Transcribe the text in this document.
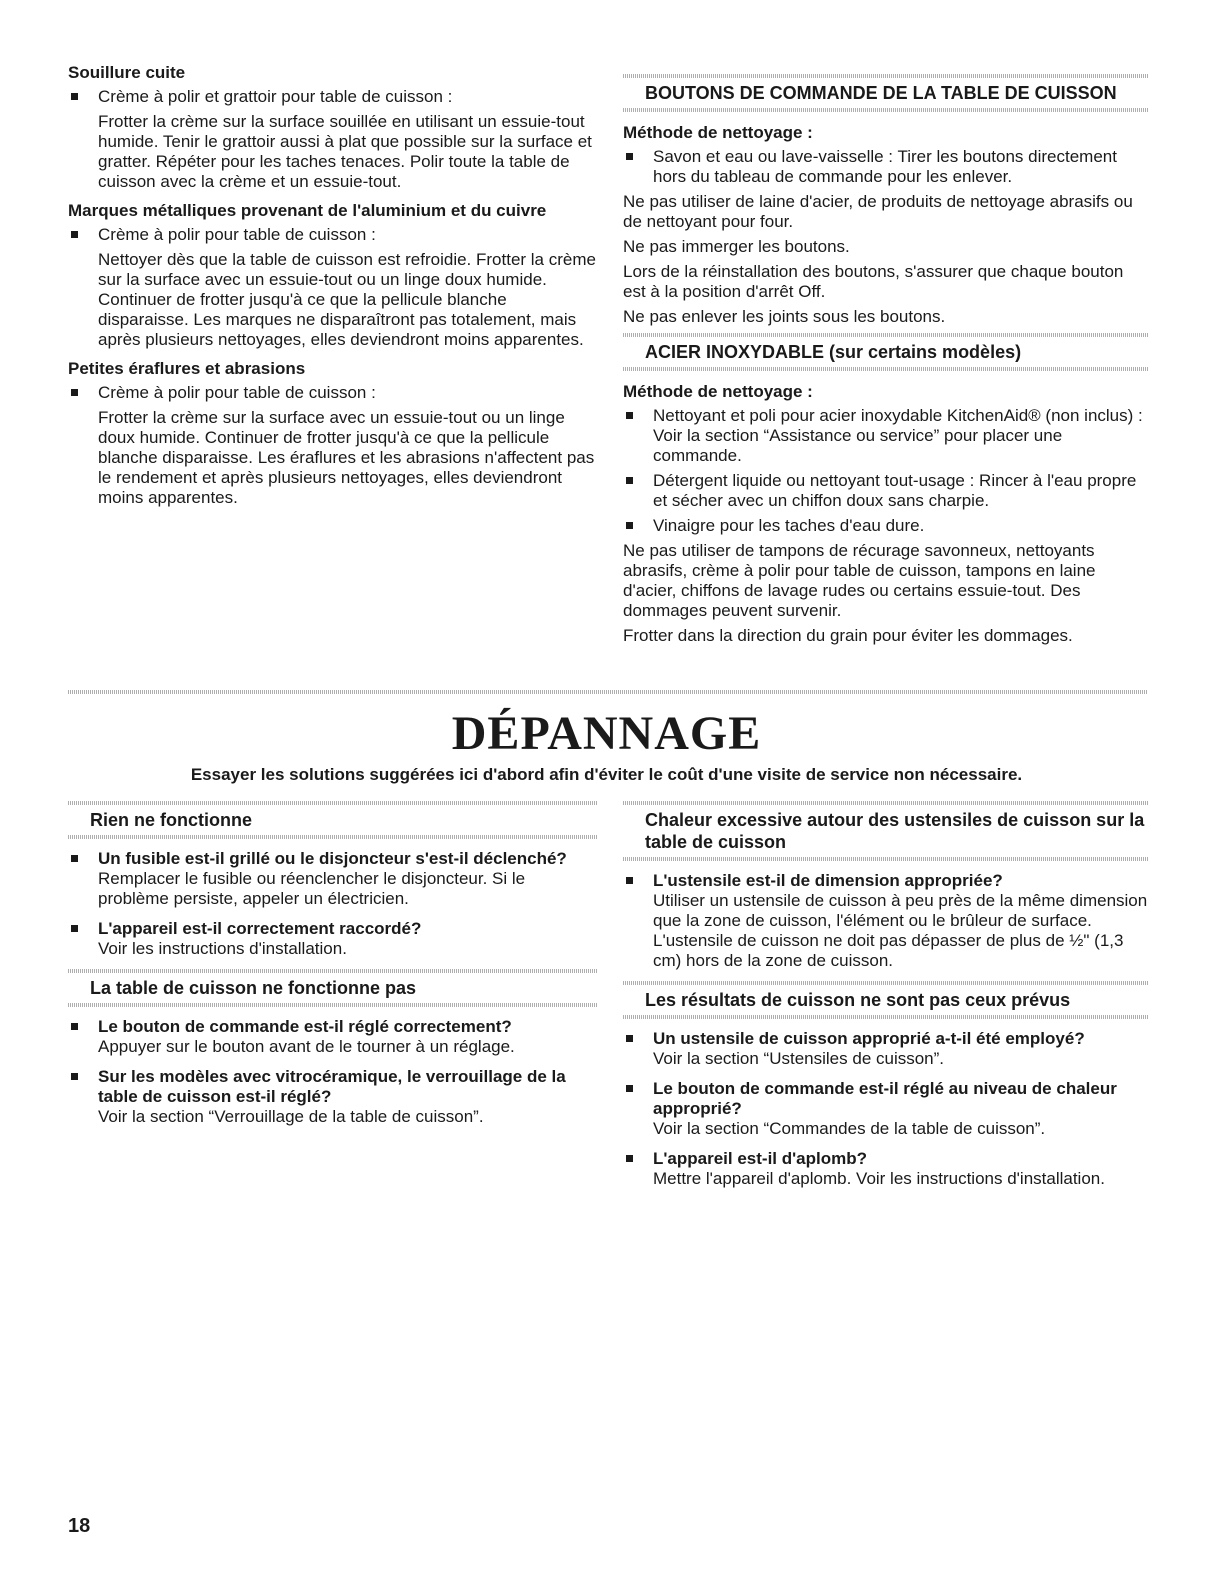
Souillure cuite
Crème à polir et grattoir pour table de cuisson :
Frotter la crème sur la surface souillée en utilisant un essuie-tout humide. Tenir le grattoir aussi à plat que possible sur la surface et gratter. Répéter pour les taches tenaces. Polir toute la table de cuisson avec la crème et un essuie-tout.
Marques métalliques provenant de l'aluminium et du cuivre
Crème à polir pour table de cuisson :
Nettoyer dès que la table de cuisson est refroidie. Frotter la crème sur la surface avec un essuie-tout ou un linge doux humide. Continuer de frotter jusqu'à ce que la pellicule blanche disparaisse. Les marques ne disparaîtront pas totalement, mais après plusieurs nettoyages, elles deviendront moins apparentes.
Petites éraflures et abrasions
Crème à polir pour table de cuisson :
Frotter la crème sur la surface avec un essuie-tout ou un linge doux humide. Continuer de frotter jusqu'à ce que la pellicule blanche disparaisse. Les éraflures et les abrasions n'affectent pas le rendement et après plusieurs nettoyages, elles deviendront moins apparentes.
BOUTONS DE COMMANDE DE LA TABLE DE CUISSON
Méthode de nettoyage :
Savon et eau ou lave-vaisselle : Tirer les boutons directement hors du tableau de commande pour les enlever.
Ne pas utiliser de laine d'acier, de produits de nettoyage abrasifs ou de nettoyant pour four.
Ne pas immerger les boutons.
Lors de la réinstallation des boutons, s'assurer que chaque bouton est à la position d'arrêt Off.
Ne pas enlever les joints sous les boutons.
ACIER INOXYDABLE (sur certains modèles)
Méthode de nettoyage :
Nettoyant et poli pour acier inoxydable KitchenAid® (non inclus) : Voir la section “Assistance ou service” pour placer une commande.
Détergent liquide ou nettoyant tout-usage : Rincer à l'eau propre et sécher avec un chiffon doux sans charpie.
Vinaigre pour les taches d'eau dure.
Ne pas utiliser de tampons de récurage savonneux, nettoyants abrasifs, crème à polir pour table de cuisson, tampons en laine d'acier, chiffons de lavage rudes ou certains essuie-tout. Des dommages peuvent survenir.
Frotter dans la direction du grain pour éviter les dommages.
DÉPANNAGE
Essayer les solutions suggérées ici d'abord afin d'éviter le coût d'une visite de service non nécessaire.
Rien ne fonctionne
Un fusible est-il grillé ou le disjoncteur s'est-il déclenché?
Remplacer le fusible ou réenclencher le disjoncteur. Si le problème persiste, appeler un électricien.
L'appareil est-il correctement raccordé?
Voir les instructions d'installation.
La table de cuisson ne fonctionne pas
Le bouton de commande est-il réglé correctement?
Appuyer sur le bouton avant de le tourner à un réglage.
Sur les modèles avec vitrocéramique, le verrouillage de la table de cuisson est-il réglé?
Voir la section “Verrouillage de la table de cuisson”.
Chaleur excessive autour des ustensiles de cuisson sur la table de cuisson
L'ustensile est-il de dimension appropriée?
Utiliser un ustensile de cuisson à peu près de la même dimension que la zone de cuisson, l'élément ou le brûleur de surface. L'ustensile de cuisson ne doit pas dépasser de plus de ½" (1,3 cm) hors de la zone de cuisson.
Les résultats de cuisson ne sont pas ceux prévus
Un ustensile de cuisson approprié a-t-il été employé?
Voir la section “Ustensiles de cuisson”.
Le bouton de commande est-il réglé au niveau de chaleur approprié?
Voir la section “Commandes de la table de cuisson”.
L'appareil est-il d'aplomb?
Mettre l'appareil d'aplomb. Voir les instructions d'installation.
18
